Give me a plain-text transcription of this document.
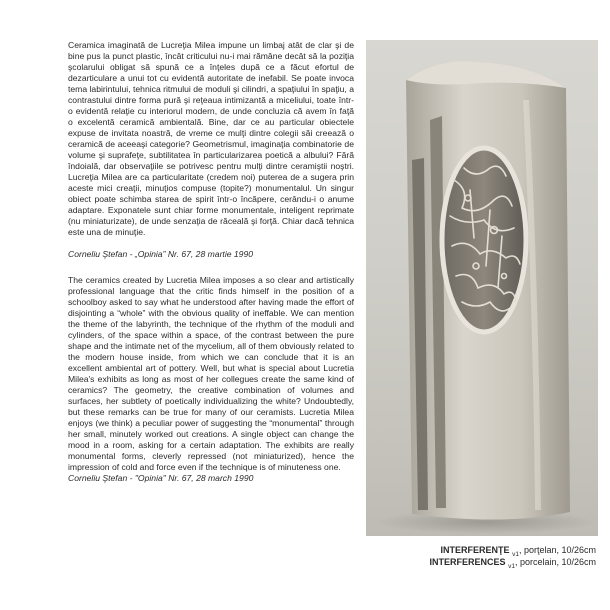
Ceramica imaginată de Lucreţia Milea impune un limbaj atât de clar şi de bine pus la punct plastic, încât criticului nu-i mai rămâne decât să la poziţia şcolarului obligat să spună ce a înţeles după ce a făcut efortul de dezarticulare a unui tot cu evidentă autoritate de inefabil. Se poate invoca tema labirintului, tehnica ritmului de moduli şi cilindri, a spaţiului în spaţiu, a contrastului dintre forma pură şi reţeaua intimizantă a miceliului, toate într-o evidentă relaţie cu interiorul modern, de unde concluzia că avem în faţă o excelentă ceramică ambientală. Bine, dar ce au particular obiectele expuse de invitata noastră, de vreme ce mulţi dintre colegii săi creează o ceramică de aceeaşi categorie? Geometrismul, imaginaţia combinatorie de volume şi suprafeţe, subtilitatea în particularizarea poetică a albului? Fără îndoială, dar observaţiile se potrivesc pentru mulţi dintre ceramiştii noştri. Lucreţia Milea are ca particularitate (credem noi) puterea de a sugera prin aceste mici creaţii, minuţios compuse (topite?) monumentalul. Un singur obiect poate schimba starea de spirit într-o încăpere, cerându-i o anume adaptare. Exponatele sunt chiar forme monumentale, inteligent reprimate (nu miniaturizate), de unde senzaţia de răceală şi forţă. Chiar dacă tehnica este una de minuţie.

Corneliu Ştefan - „Opinia” Nr. 67, 28 martie 1990

The ceramics created by Lucretia Milea imposes a so clear and artistically professional language that the critic finds himself in the position of a schoolboy asked to say what he understood after having made the effort of disjointing a “whole” with the obvious quality of ineffable. We can mention the theme of the labyrinth, the technique of the rhythm of the moduli and cylinders, of the space within a space, of the contrast between the pure shape and the intimate net of the mycelium, all of them obviously related to the modern house inside, from which we can conclude that it is an excellent ambiental art of pottery. Well, but what is special about Lucretia Milea's exhibits as long as most of her collegues create the same kind of ceramics? The geometry, the creative combination of volumes and surfaces, her subtlety of poetically individualizing the white? Undoubtedly, but these remarks can be true for many of our ceramists. Lucretia Milea enjoys (we think) a peculiar power of suggesting the “monumental” through her small, minutely worked out creations. A single object can change the mood in a room, asking for a certain adaptation. The exhibits are really monumental forms, cleverly repressed (not miniaturized), hence the impression of cold and force even if the technique is of minuteness one.

Corneliu Ştefan - "Opinia" Nr. 67, 28 march 1990

INTERFERENŢE $_{v1}$, porţelan, 10/26cm
INTERFERENCES $_{v1}$, porcelain, 10/26cm
